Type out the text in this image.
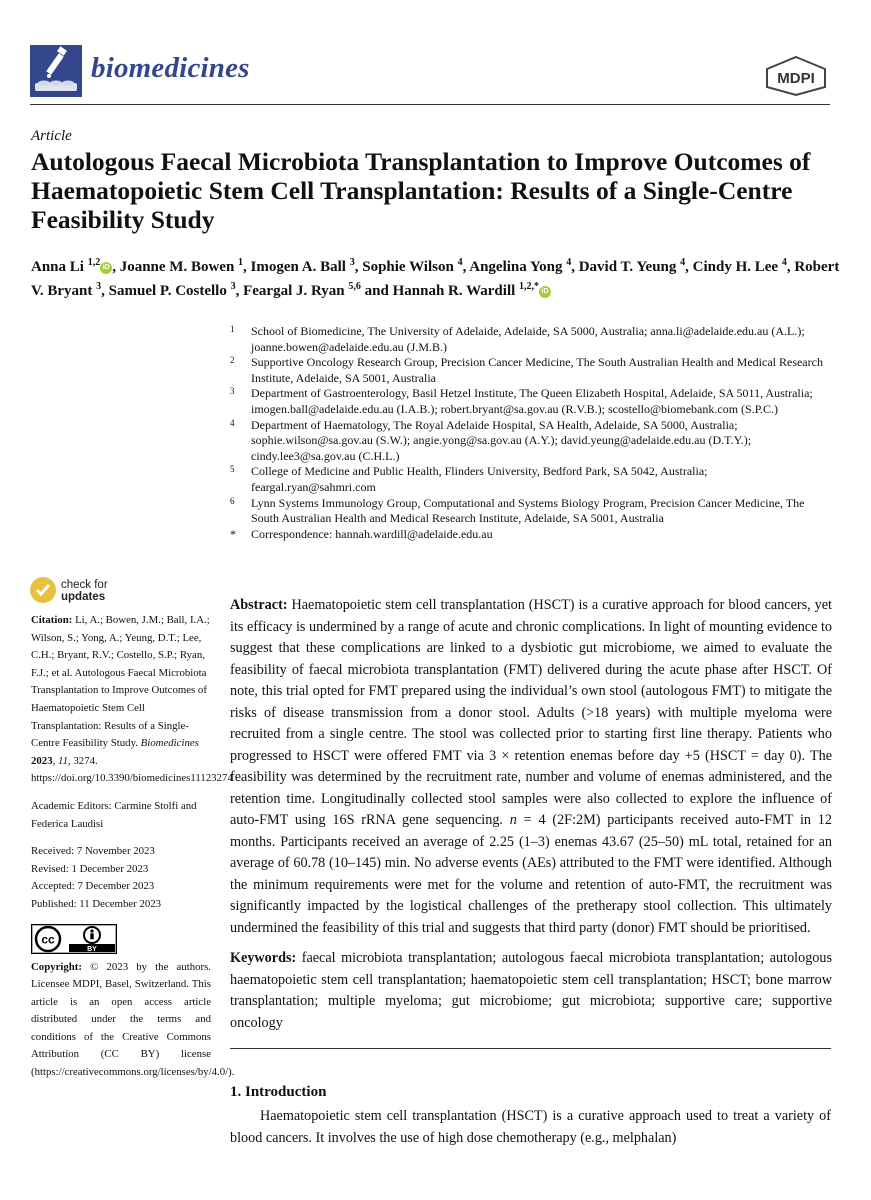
biomedicines	MDPI
Article
Autologous Faecal Microbiota Transplantation to Improve Outcomes of Haematopoietic Stem Cell Transplantation: Results of a Single-Centre Feasibility Study
Anna Li $^{1,2}$ iD , Joanne M. Bowen $^1$, Imogen A. Ball $^3$, Sophie Wilson $^4$, Angelina Yong $^4$, David T. Yeung $^4$, Cindy H. Lee $^4$, Robert V. Bryant $^3$, Samuel P. Costello $^3$, Feargal J. Ryan $^{5,6}$ and Hannah R. Wardill $^{1,2,*}$ iD
1 School of Biomedicine, The University of Adelaide, Adelaide, SA 5000, Australia; anna.li@adelaide.edu.au (A.L.); joanne.bowen@adelaide.edu.au (J.M.B.)
2 Supportive Oncology Research Group, Precision Cancer Medicine, The South Australian Health and Medical Research Institute, Adelaide, SA 5001, Australia
3 Department of Gastroenterology, Basil Hetzel Institute, The Queen Elizabeth Hospital, Adelaide, SA 5011, Australia; imogen.ball@adelaide.edu.au (I.A.B.); robert.bryant@sa.gov.au (R.V.B.); scostello@biomebank.com (S.P.C.)
4 Department of Haematology, The Royal Adelaide Hospital, SA Health, Adelaide, SA 5000, Australia; sophie.wilson@sa.gov.au (S.W.); angie.yong@sa.gov.au (A.Y.); david.yeung@adelaide.edu.au (D.T.Y.); cindy.lee3@sa.gov.au (C.H.L.)
5 College of Medicine and Public Health, Flinders University, Bedford Park, SA 5042, Australia; feargal.ryan@sahmri.com
6 Lynn Systems Immunology Group, Computational and Systems Biology Program, Precision Cancer Medicine, The South Australian Health and Medical Research Institute, Adelaide, SA 5001, Australia
* Correspondence: hannah.wardill@adelaide.edu.au
check for
updates

Citation: Li, A.; Bowen, J.M.; Ball, I.A.; Wilson, S.; Yong, A.; Yeung, D.T.; Lee, C.H.; Bryant, R.V.; Costello, S.P.; Ryan, F.J.; et al. Autologous Faecal Microbiota Transplantation to Improve Outcomes of Haematopoietic Stem Cell Transplantation: Results of a Single-Centre Feasibility Study. Biomedicines 2023, 11, 3274. https://doi.org/10.3390/biomedicines11123274

Academic Editors: Carmine Stolfi and Federica Laudisi

Received: 7 November 2023

Revised: 1 December 2023

Accepted: 7 December 2023

Published: 11 December 2023

cc
BY

Copyright: © 2023 by the authors. Licensee MDPI, Basel, Switzerland. This article is an open access article distributed under the terms and conditions of the Creative Commons Attribution (CC BY) license (https://creativecommons.org/licenses/by/4.0/).

Abstract: Haematopoietic stem cell transplantation (HSCT) is a curative approach for blood cancers, yet its efficacy is undermined by a range of acute and chronic complications. In light of mounting evidence to suggest that these complications are linked to a dysbiotic gut microbiome, we aimed to evaluate the feasibility of faecal microbiota transplantation (FMT) delivered during the acute phase after HSCT. Of note, this trial opted for FMT prepared using the individual’s own stool (autologous FMT) to mitigate the risks of disease transmission from a donor stool. Adults (>18 years) with multiple myeloma were recruited from a single centre. The stool was collected prior to starting first line therapy. Patients who progressed to HSCT were offered FMT via 3 × retention enemas before day +5 (HSCT = day 0). The feasibility was determined by the recruitment rate, number and volume of enemas administered, and the retention time. Longitudinally collected stool samples were also collected to explore the influence of auto-FMT using 16S rRNA gene sequencing. n = 4 (2F:2M) participants received auto-FMT in 12 months. Participants received an average of 2.25 (1–3) enemas 43.67 (25–50) mL total, retained for an average of 60.78 (10–145) min. No adverse events (AEs) attributed to the FMT were identified. Although the minimum requirements were met for the volume and retention of auto-FMT, the recruitment was significantly impacted by the logistical challenges of the pretherapy stool collection. This ultimately undermined the feasibility of this trial and suggests that third party (donor) FMT should be prioritised.
Keywords: faecal microbiota transplantation; autologous faecal microbiota transplantation; autologous haematopoietic stem cell transplantation; haematopoietic stem cell transplantation; HSCT; bone marrow transplantation; multiple myeloma; gut microbiome; gut microbiota; supportive care; supportive oncology
1. Introduction
Haematopoietic stem cell transplantation (HSCT) is a curative approach used to treat a variety of blood cancers. It involves the use of high dose chemotherapy (e.g., melphalan)
